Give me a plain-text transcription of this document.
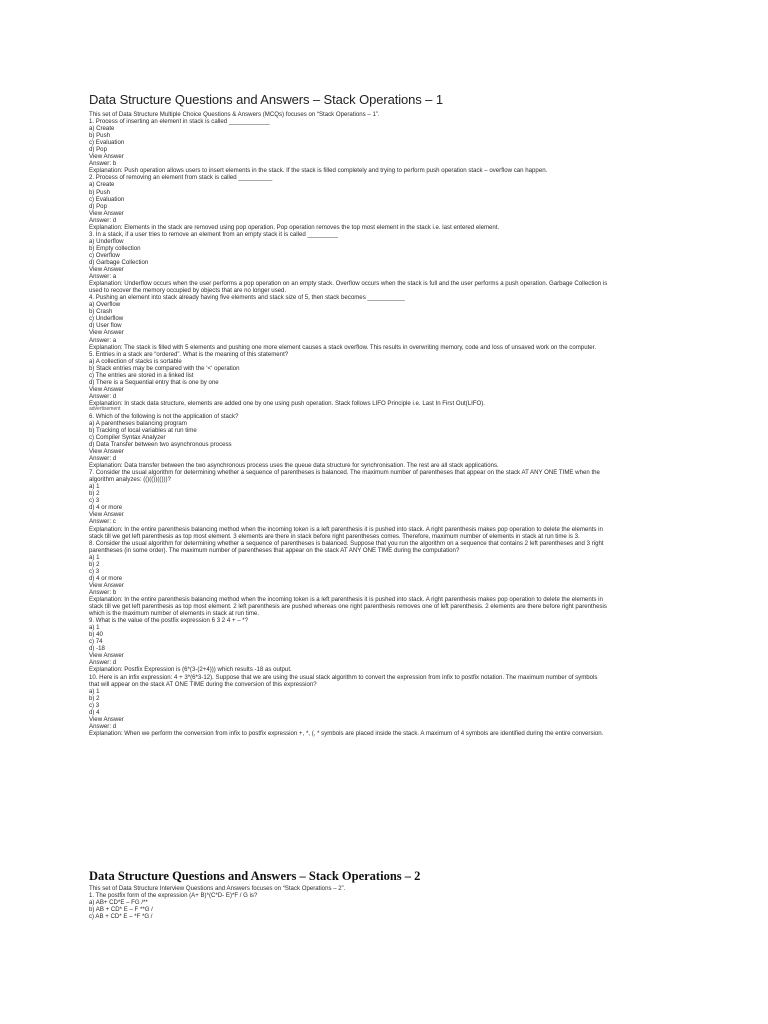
Data Structure Questions and Answers – Stack Operations – 1
This set of Data Structure Multiple Choice Questions & Answers (MCQs) focuses on “Stack Operations – 1”.
1. Process of inserting an element in stack is called ____________
a) Create
b) Push
c) Evaluation
d) Pop
View Answer
Answer: b
Explanation: Push operation allows users to insert elements in the stack. If the stack is filled completely and trying to perform push operation stack – overflow can happen.
2. Process of removing an element from stack is called __________
a) Create
b) Push
c) Evaluation
d) Pop
View Answer
Answer: d
Explanation: Elements in the stack are removed using pop operation. Pop operation removes the top most element in the stack i.e. last entered element.
3. In a stack, if a user tries to remove an element from an empty stack it is called _________
a) Underflow
b) Empty collection
c) Overflow
d) Garbage Collection
View Answer
Answer: a
Explanation: Underflow occurs when the user performs a pop operation on an empty stack. Overflow occurs when the stack is full and the user performs a push operation. Garbage Collection is
used to recover the memory occupied by objects that are no longer used.
4. Pushing an element into stack already having five elements and stack size of 5, then stack becomes ___________
a) Overflow
b) Crash
c) Underflow
d) User flow
View Answer
Answer: a
Explanation: The stack is filled with 5 elements and pushing one more element causes a stack overflow. This results in overwriting memory, code and loss of unsaved work on the computer.
5. Entries in a stack are “ordered”. What is the meaning of this statement?
a) A collection of stacks is sortable
b) Stack entries may be compared with the ‘<‘ operation
c) The entries are stored in a linked list
d) There is a Sequential entry that is one by one
View Answer
Answer: d
Explanation: In stack data structure, elements are added one by one using push operation. Stack follows LIFO Principle i.e. Last In First Out(LIFO).
advertisement
6. Which of the following is not the application of stack?
a) A parentheses balancing program
b) Tracking of local variables at run time
c) Compiler Syntax Analyzer
d) Data Transfer between two asynchronous process
View Answer
Answer: d
Explanation: Data transfer between the two asynchronous process uses the queue data structure for synchronisation. The rest are all stack applications.
7. Consider the usual algorithm for determining whether a sequence of parentheses is balanced. The maximum number of parentheses that appear on the stack AT ANY ONE TIME when the
algorithm analyzes: (()(())(()))?
a) 1
b) 2
c) 3
d) 4 or more
View Answer
Answer: c
Explanation: In the entire parenthesis balancing method when the incoming token is a left parenthesis it is pushed into stack. A right parenthesis makes pop operation to delete the elements in
stack till we get left parenthesis as top most element. 3 elements are there in stack before right parentheses comes. Therefore, maximum number of elements in stack at run time is 3.
8. Consider the usual algorithm for determining whether a sequence of parentheses is balanced. Suppose that you run the algorithm on a sequence that contains 2 left parentheses and 3 right
parentheses (in some order). The maximum number of parentheses that appear on the stack AT ANY ONE TIME during the computation?
a) 1
b) 2
c) 3
d) 4 or more
View Answer
Answer: b
Explanation: In the entire parenthesis balancing method when the incoming token is a left parenthesis it is pushed into stack. A right parenthesis makes pop operation to delete the elements in
stack till we get left parenthesis as top most element. 2 left parenthesis are pushed whereas one right parenthesis removes one of left parenthesis. 2 elements are there before right parenthesis
which is the maximum number of elements in stack at run time.
9. What is the value of the postfix expression 6 3 2 4 + – *?
a) 1
b) 40
c) 74
d) -18
View Answer
Answer: d
Explanation: Postfix Expression is (6*(3-(2+4))) which results -18 as output.
10. Here is an infix expression: 4 + 3*(6*3-12). Suppose that we are using the usual stack algorithm to convert the expression from infix to postfix notation. The maximum number of symbols
that will appear on the stack AT ONE TIME during the conversion of this expression?
a) 1
b) 2
c) 3
d) 4
View Answer
Answer: d
Explanation: When we perform the conversion from infix to postfix expression +, *, (, * symbols are placed inside the stack. A maximum of 4 symbols are identified during the entire conversion.
Data Structure Questions and Answers – Stack Operations – 2
This set of Data Structure Interview Questions and Answers focuses on “Stack Operations – 2”.
1. The postfix form of the expression (A+ B)*(C*D- E)*F / G is?
a) AB+ CD*E – FG /**
b) AB + CD* E – F **G /
c) AB + CD* E – *F *G /
